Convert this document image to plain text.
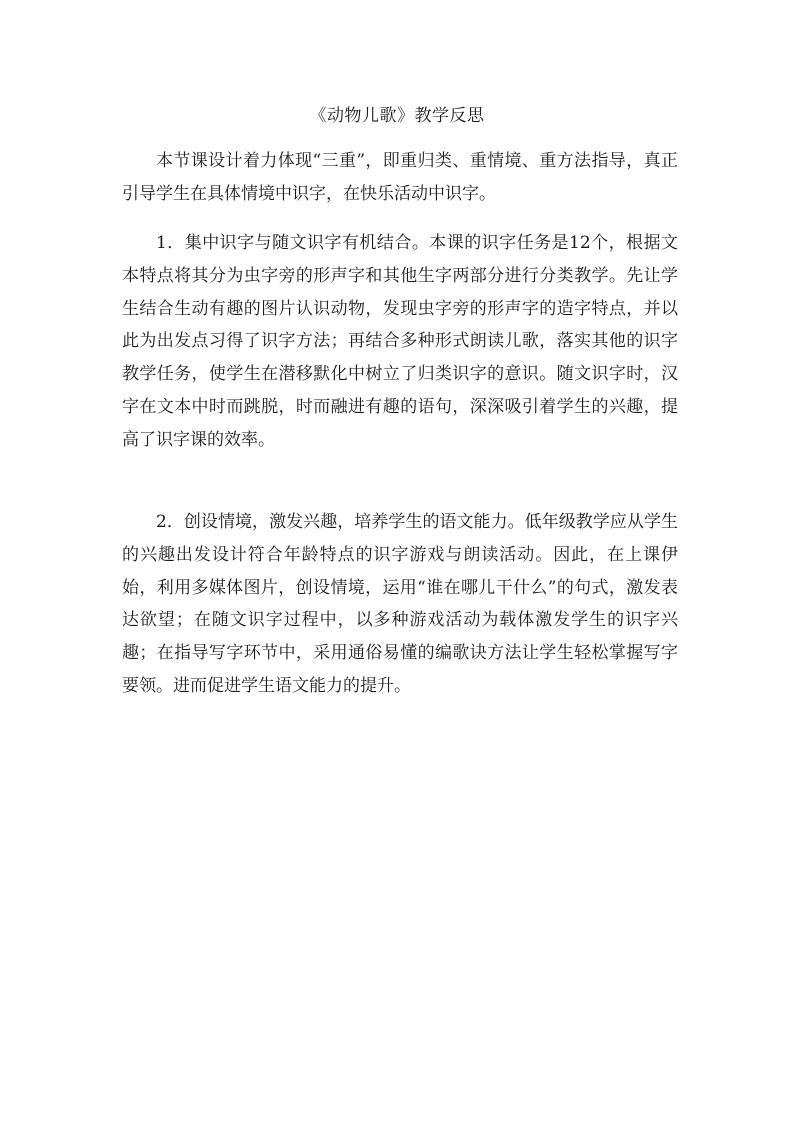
《动物儿歌》教学反思

本节课设计着力体现“三重”，即重归类、重情境、重方法指导，真正引导学生在具体情境中识字，在快乐活动中识字。

1．集中识字与随文识字有机结合。本课的识字任务是12个，根据文本特点将其分为虫字旁的形声字和其他生字两部分进行分类教学。先让学生结合生动有趣的图片认识动物，发现虫字旁的形声字的造字特点，并以此为出发点习得了识字方法；再结合多种形式朗读儿歌，落实其他的识字教学任务，使学生在潜移默化中树立了归类识字的意识。随文识字时，汉字在文本中时而跳脱，时而融进有趣的语句，深深吸引着学生的兴趣，提高了识字课的效率。

2．创设情境，激发兴趣，培养学生的语文能力。低年级教学应从学生的兴趣出发设计符合年龄特点的识字游戏与朗读活动。因此，在上课伊始，利用多媒体图片，创设情境，运用“谁在哪儿干什么”的句式，激发表达欲望；在随文识字过程中，以多种游戏活动为载体激发学生的识字兴趣；在指导写字环节中，采用通俗易懂的编歌诀方法让学生轻松掌握写字要领。进而促进学生语文能力的提升。
